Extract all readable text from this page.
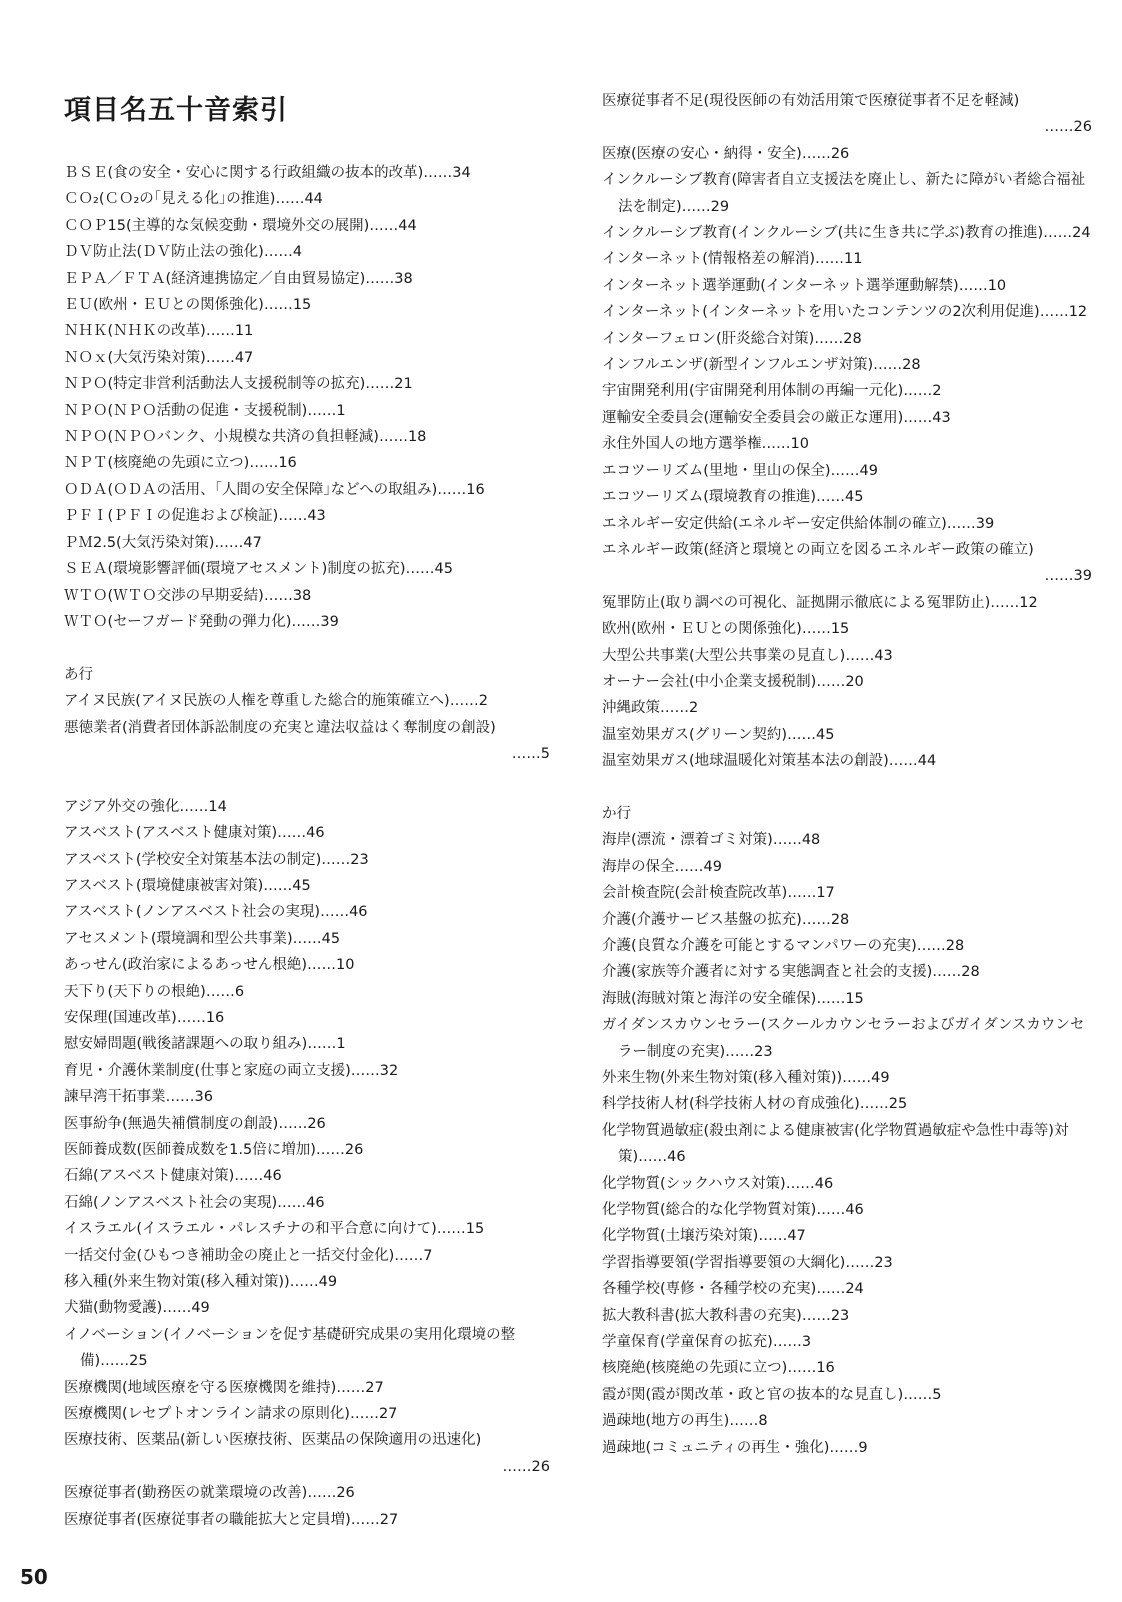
項目名五十音索引
ＢＳＥ(食の安全・安心に関する行政組織の抜本的改革)……34
ＣＯ₂(ＣＯ₂の｢見える化｣の推進)……44
ＣＯＰ15(主導的な気候変動・環境外交の展開)……44
ＤＶ防止法(ＤＶ防止法の強化)……4
ＥＰＡ／ＦＴＡ(経済連携協定／自由貿易協定)……38
ＥＵ(欧州・ＥＵとの関係強化)……15
ＮＨＫ(ＮＨＫの改革)……11
ＮＯｘ(大気汚染対策)……47
ＮＰＯ(特定非営利活動法人支援税制等の拡充)……21
ＮＰＯ(ＮＰＯ活動の促進・支援税制)……1
ＮＰＯ(ＮＰＯバンク、小規模な共済の負担軽減)……18
ＮＰＴ(核廃絶の先頭に立つ)……16
ＯＤＡ(ＯＤＡの活用、｢人間の安全保障｣などへの取組み)……16
ＰＦＩ(ＰＦＩの促進および検証)……43
ＰＭ2.5(大気汚染対策)……47
ＳＥＡ(環境影響評価(環境アセスメント)制度の拡充)……45
ＷＴＯ(ＷＴＯ交渉の早期妥結)……38
ＷＴＯ(セーフガード発動の弾力化)……39
あ行
アイヌ民族(アイヌ民族の人権を尊重した総合的施策確立へ)……2
悪徳業者(消費者団体訴訟制度の充実と違法収益はく奪制度の創設)
……5
アジア外交の強化……14
アスベスト(アスベスト健康対策)……46
アスベスト(学校安全対策基本法の制定)……23
アスベスト(環境健康被害対策)……45
アスベスト(ノンアスベスト社会の実現)……46
アセスメント(環境調和型公共事業)……45
あっせん(政治家によるあっせん根絶)……10
天下り(天下りの根絶)……6
安保理(国連改革)……16
慰安婦問題(戦後諸課題への取り組み)……1
育児・介護休業制度(仕事と家庭の両立支援)……32
諫早湾干拓事業……36
医事紛争(無過失補償制度の創設)……26
医師養成数(医師養成数を1.5倍に増加)……26
石綿(アスベスト健康対策)……46
石綿(ノンアスベスト社会の実現)……46
イスラエル(イスラエル・パレスチナの和平合意に向けて)……15
一括交付金(ひもつき補助金の廃止と一括交付金化)……7
移入種(外来生物対策(移入種対策))……49
犬猫(動物愛護)……49
イノベーション(イノベーションを促す基礎研究成果の実用化環境の整備)……25
医療機関(地域医療を守る医療機関を維持)……27
医療機関(レセプトオンライン請求の原則化)……27
医療技術、医薬品(新しい医療技術、医薬品の保険適用の迅速化)
……26
医療従事者(勤務医の就業環境の改善)……26
医療従事者(医療従事者の職能拡大と定員増)……27
医療従事者不足(現役医師の有効活用策で医療従事者不足を軽減)
……26
医療(医療の安心・納得・安全)……26
インクルーシブ教育(障害者自立支援法を廃止し、新たに障がい者総合福祉法を制定)……29
インクルーシブ教育(インクルーシブ(共に生き共に学ぶ)教育の推進)……24
インターネット(情報格差の解消)……11
インターネット選挙運動(インターネット選挙運動解禁)……10
インターネット(インターネットを用いたコンテンツの2次利用促進)……12
インターフェロン(肝炎総合対策)……28
インフルエンザ(新型インフルエンザ対策)……28
宇宙開発利用(宇宙開発利用体制の再編一元化)……2
運輸安全委員会(運輸安全委員会の厳正な運用)……43
永住外国人の地方選挙権……10
エコツーリズム(里地・里山の保全)……49
エコツーリズム(環境教育の推進)……45
エネルギー安定供給(エネルギー安定供給体制の確立)……39
エネルギー政策(経済と環境との両立を図るエネルギー政策の確立)
……39
冤罪防止(取り調べの可視化、証拠開示徹底による冤罪防止)……12
欧州(欧州・ＥＵとの関係強化)……15
大型公共事業(大型公共事業の見直し)……43
オーナー会社(中小企業支援税制)……20
沖縄政策……2
温室効果ガス(グリーン契約)……45
温室効果ガス(地球温暖化対策基本法の創設)……44
か行
海岸(漂流・漂着ゴミ対策)……48
海岸の保全……49
会計検査院(会計検査院改革)……17
介護(介護サービス基盤の拡充)……28
介護(良質な介護を可能とするマンパワーの充実)……28
介護(家族等介護者に対する実態調査と社会的支援)……28
海賊(海賊対策と海洋の安全確保)……15
ガイダンスカウンセラー(スクールカウンセラーおよびガイダンスカウンセラー制度の充実)……23
外来生物(外来生物対策(移入種対策))……49
科学技術人材(科学技術人材の育成強化)……25
化学物質過敏症(殺虫剤による健康被害(化学物質過敏症や急性中毒等)対策)……46
化学物質(シックハウス対策)……46
化学物質(総合的な化学物質対策)……46
化学物質(土壌汚染対策)……47
学習指導要領(学習指導要領の大綱化)……23
各種学校(専修・各種学校の充実)……24
拡大教科書(拡大教科書の充実)……23
学童保育(学童保育の拡充)……3
核廃絶(核廃絶の先頭に立つ)……16
霞が関(霞が関改革・政と官の抜本的な見直し)……5
過疎地(地方の再生)……8
過疎地(コミュニティの再生・強化)……9
50
